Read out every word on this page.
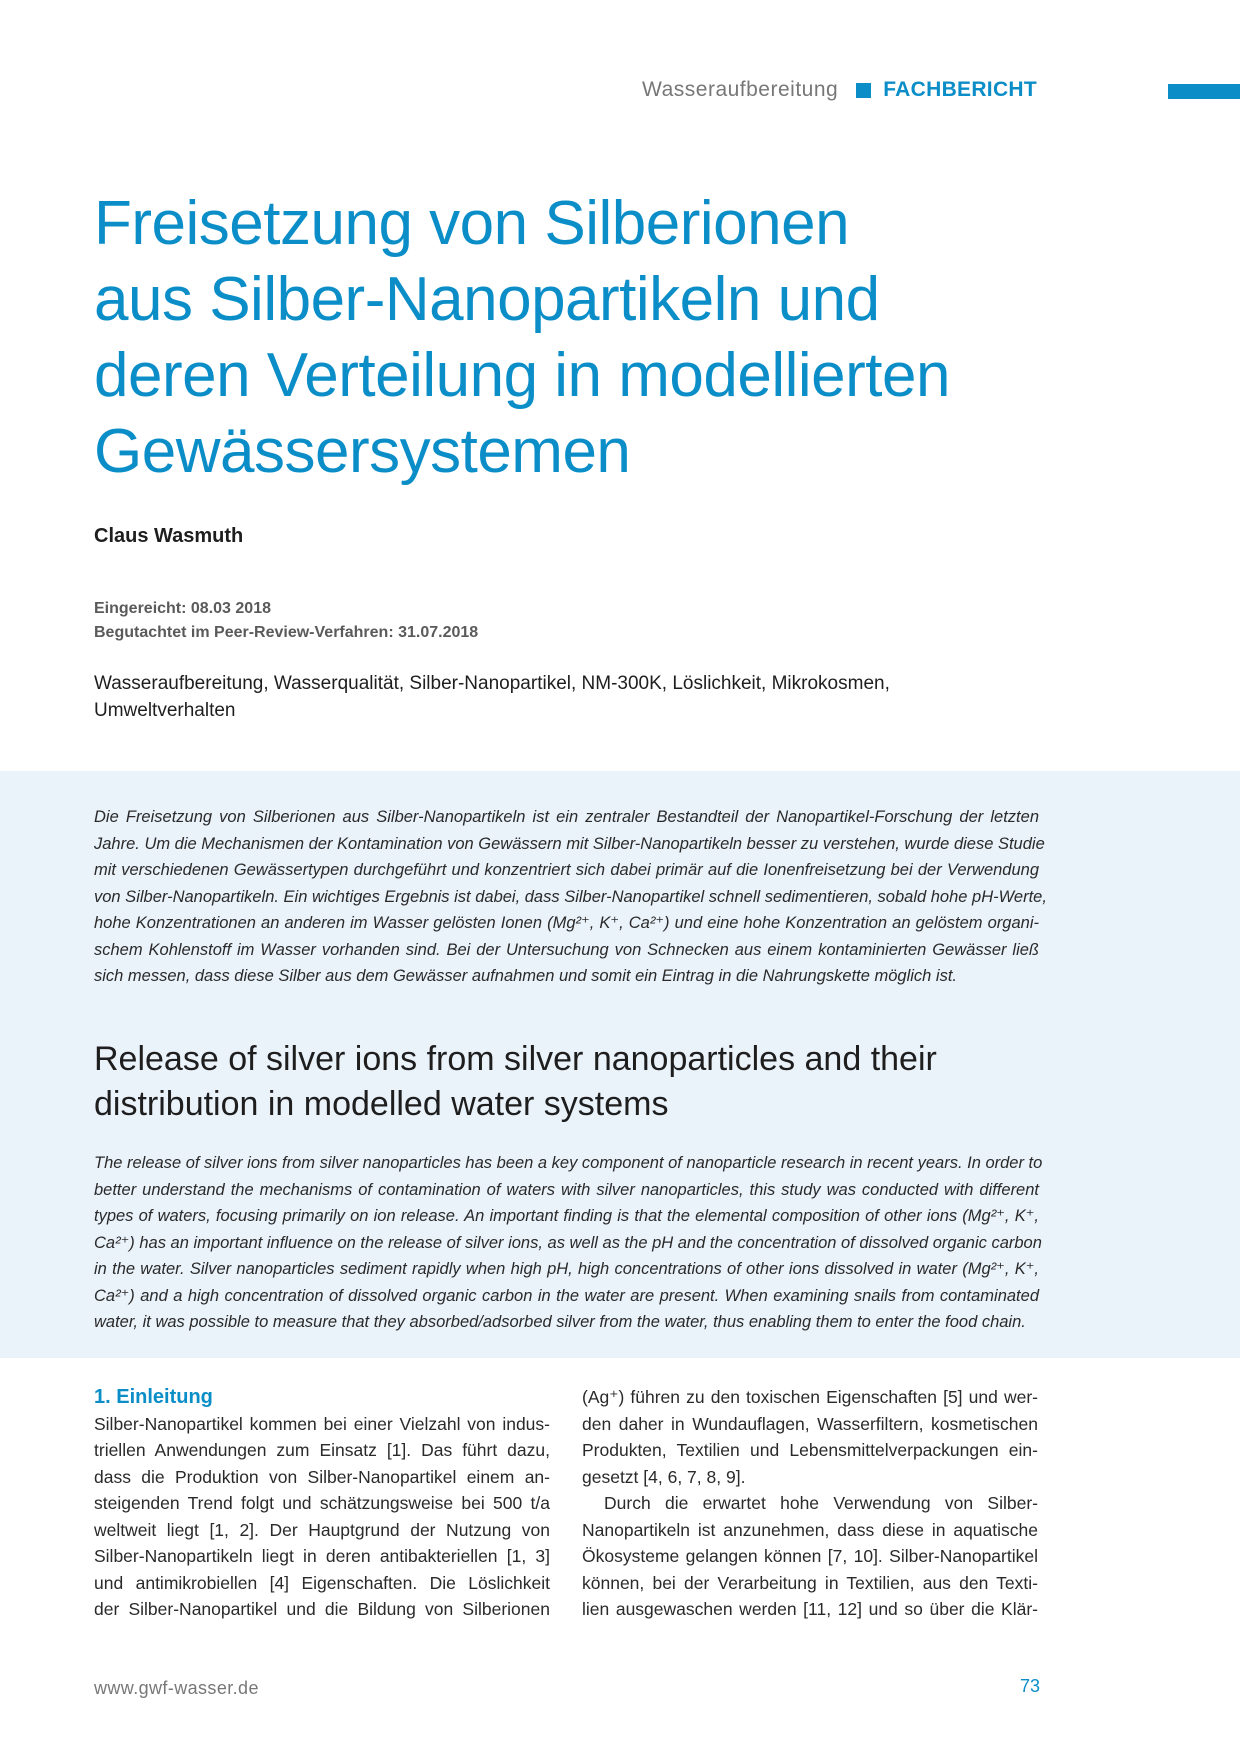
Wasseraufbereitung FACHBERICHT
Freisetzung von Silberionen
aus Silber-Nanopartikeln und
deren Verteilung in modellierten
Gewässersystemen
Claus Wasmuth
Eingereicht: 08.03 2018
Begutachtet im Peer-Review-Verfahren: 31.07.2018
Wasseraufbereitung, Wasserqualität, Silber-Nanopartikel, NM-300K, Löslichkeit, Mikrokosmen,
Umweltverhalten

Die Freisetzung von Silberionen aus Silber-Nanopartikeln ist ein zentraler Bestandteil der Nanopartikel-Forschung der letzten
Jahre. Um die Mechanismen der Kontamination von Gewässern mit Silber-Nanopartikeln besser zu verstehen, wurde diese Studie
mit verschiedenen Gewässertypen durchgeführt und konzentriert sich dabei primär auf die Ionenfreisetzung bei der Verwendung
von Silber-Nanopartikeln. Ein wichtiges Ergebnis ist dabei, dass Silber-Nanopartikel schnell sedimentieren, sobald hohe pH-Werte,
hohe Konzentrationen an anderen im Wasser gelösten Ionen (Mg²⁺, K⁺, Ca²⁺) und eine hohe Konzentration an gelöstem organi-
schem Kohlenstoff im Wasser vorhanden sind. Bei der Untersuchung von Schnecken aus einem kontaminierten Gewässer ließ
sich messen, dass diese Silber aus dem Gewässer aufnahmen und somit ein Eintrag in die Nahrungskette möglich ist.

Release of silver ions from silver nanoparticles and their
distribution in modelled water systems

The release of silver ions from silver nanoparticles has been a key component of nanoparticle research in recent years. In order to
better understand the mechanisms of contamination of waters with silver nanoparticles, this study was conducted with different
types of waters, focusing primarily on ion release. An important finding is that the elemental composition of other ions (Mg²⁺, K⁺,
Ca²⁺) has an important influence on the release of silver ions, as well as the pH and the concentration of dissolved organic carbon
in the water. Silver nanoparticles sediment rapidly when high pH, high concentrations of other ions dissolved in water (Mg²⁺, K⁺,
Ca²⁺) and a high concentration of dissolved organic carbon in the water are present. When examining snails from contaminated
water, it was possible to measure that they absorbed/adsorbed silver from the water, thus enabling them to enter the food chain.

1. Einleitung
Silber-Nanopartikel kommen bei einer Vielzahl von indus-
triellen Anwendungen zum Einsatz [1]. Das führt dazu,
dass die Produktion von Silber-Nanopartikel einem an-
steigenden Trend folgt und schätzungsweise bei 500 t/a
weltweit liegt [1, 2]. Der Hauptgrund der Nutzung von
Silber-Nanopartikeln liegt in deren antibakteriellen [1, 3]
und antimikrobiellen [4] Eigenschaften. Die Löslichkeit
der Silber-Nanopartikel und die Bildung von Silberionen
(Ag⁺) führen zu den toxischen Eigenschaften [5] und wer-
den daher in Wundauflagen, Wasserfiltern, kosmetischen
Produkten, Textilien und Lebensmittelverpackungen ein-
gesetzt [4, 6, 7, 8, 9].
Durch die erwartet hohe Verwendung von Silber-
Nanopartikeln ist anzunehmen, dass diese in aquatische
Ökosysteme gelangen können [7, 10]. Silber-Nanopartikel
können, bei der Verarbeitung in Textilien, aus den Texti-
lien ausgewaschen werden [11, 12] und so über die Klär-
www.gwf-wasser.de	73
